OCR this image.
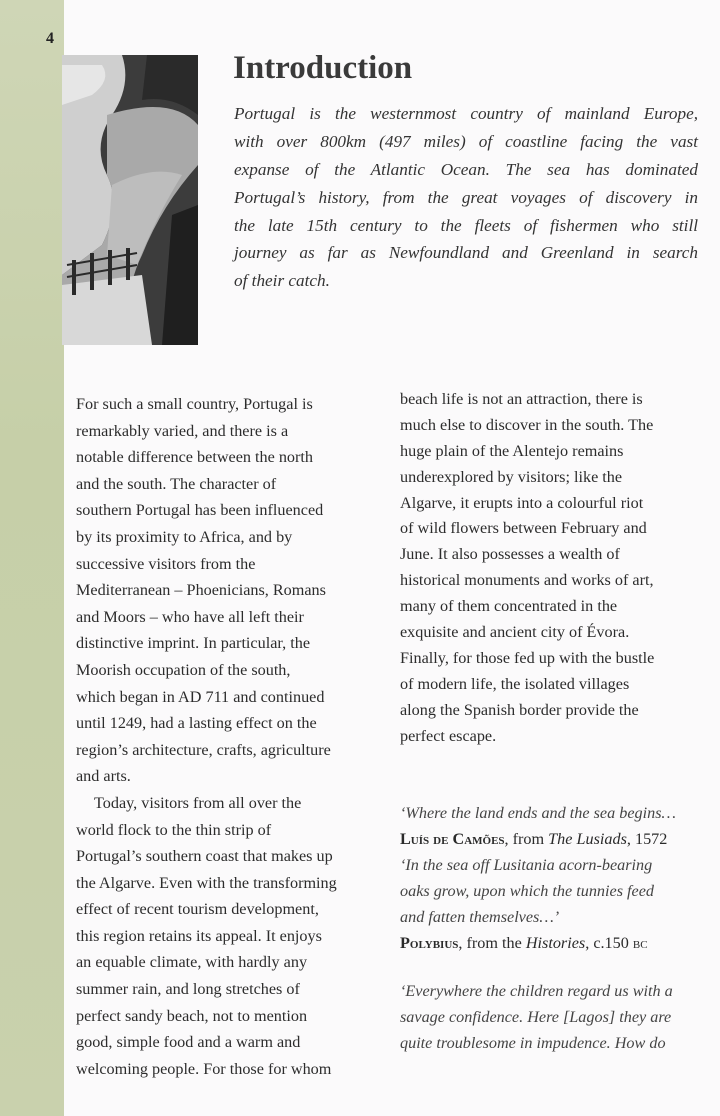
4
Introduction
Portugal is the westernmost country of mainland Europe,
with over 800km (497 miles) of coastline facing the vast
expanse of the Atlantic Ocean. The sea has dominated
Portugal’s history, from the great voyages of discovery in
the late 15th century to the fleets of fishermen who still
journey as far as Newfoundland and Greenland in search
of their catch.
For such a small country, Portugal is
remarkably varied, and there is a
notable difference between the north
and the south. The character of
southern Portugal has been influenced
by its proximity to Africa, and by
successive visitors from the
Mediterranean – Phoenicians, Romans
and Moors – who have all left their
distinctive imprint. In particular, the
Moorish occupation of the south,
which began in AD 711 and continued
until 1249, had a lasting effect on the
region’s architecture, crafts, agriculture
and arts.
Today, visitors from all over the
world flock to the thin strip of
Portugal’s southern coast that makes up
the Algarve. Even with the transforming
effect of recent tourism development,
this region retains its appeal. It enjoys
an equable climate, with hardly any
summer rain, and long stretches of
perfect sandy beach, not to mention
good, simple food and a warm and
welcoming people. For those for whom
beach life is not an attraction, there is
much else to discover in the south. The
huge plain of the Alentejo remains
underexplored by visitors; like the
Algarve, it erupts into a colourful riot
of wild flowers between February and
June. It also possesses a wealth of
historical monuments and works of art,
many of them concentrated in the
exquisite and ancient city of Évora.
Finally, for those fed up with the bustle
of modern life, the isolated villages
along the Spanish border provide the
perfect escape.
‘Where the land ends and the sea begins…
Luís de Camões, from The Lusiads, 1572
‘In the sea off Lusitania acorn-bearing
oaks grow, upon which the tunnies feed
and fatten themselves…’
Polybius, from the Histories, c.150 bc
‘Everywhere the children regard us with a
savage confidence. Here [Lagos] they are
quite troublesome in impudence. How do
